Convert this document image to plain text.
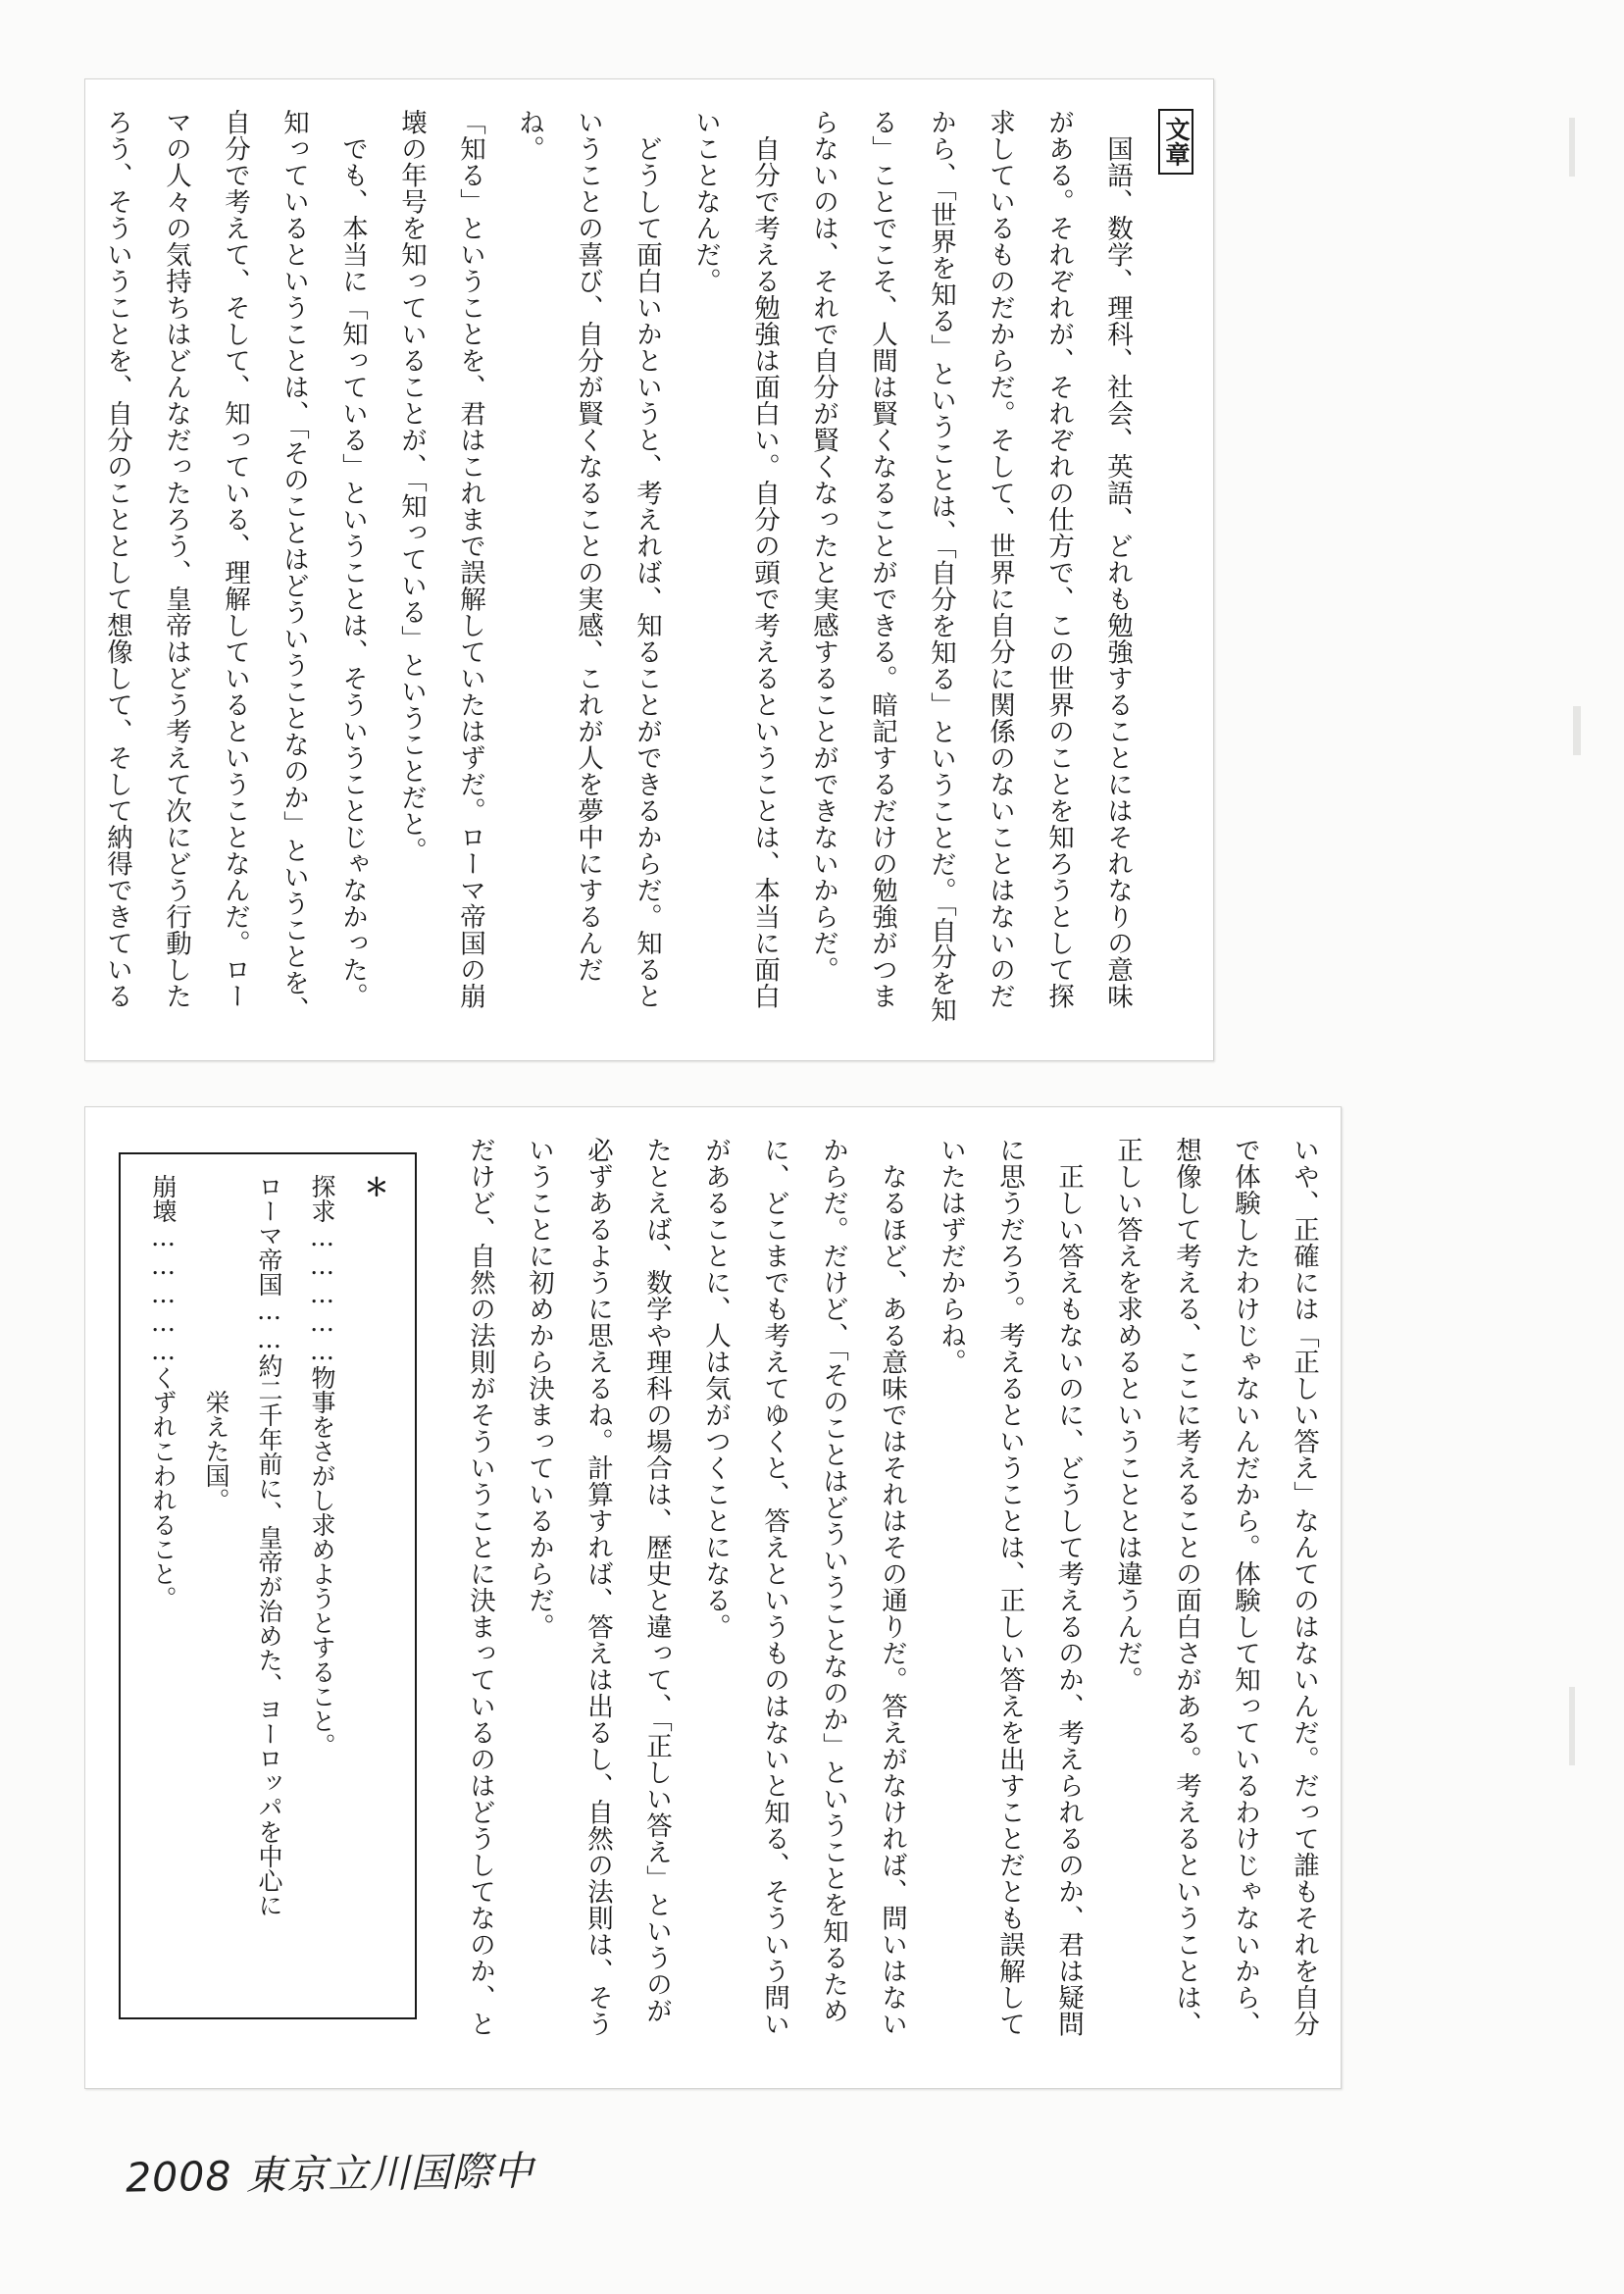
文章

国語、数学、理科、社会、英語、どれも勉強することにはそれなりの意味がある。それぞれが、それぞれの仕方で、この世界のことを知ろうとして探求しているものだからだ。そして、世界に自分に関係のないことはないのだから、「世界を知る」ということは、「自分を知る」ということだ。「自分を知る」ことでこそ、人間は賢くなることができる。暗記するだけの勉強がつまらないのは、それで自分が賢くなったと実感することができないからだ。

自分で考える勉強は面白い。自分の頭で考えるということは、本当に面白いことなんだ。

どうして面白いかというと、考えれば、知ることができるからだ。知るということの喜び、自分が賢くなることの実感、これが人を夢中にするんだね。

「知る」ということを、君はこれまで誤解していたはずだ。ローマ帝国の崩壊の年号を知っていることが、「知っている」ということだと。

でも、本当に「知っている」ということは、そういうことじゃなかった。知っているということは、「そのことはどういうことなのか」ということを、自分で考えて、そして、知っている、理解しているということなんだ。ローマの人々の気持ちはどんなだったろう、皇帝はどう考えて次にどう行動したろう、そういうことを、自分のこととして想像して、そして納得できている

いや、正確には「正しい答え」なんてのはないんだ。だって誰もそれを自分で体験したわけじゃないんだから。体験して知っているわけじゃないから、想像して考える、ここに考えることの面白さがある。考えるということは、正しい答えを求めるということとは違うんだ。

正しい答えもないのに、どうして考えるのか、考えられるのか、君は疑問に思うだろう。考えるということは、正しい答えを出すことだとも誤解していたはずだからね。

なるほど、ある意味ではそれはその通りだ。答えがなければ、問いはないからだ。だけど、「そのことはどういうことなのか」ということを知るために、どこまでも考えてゆくと、答えというものはないと知る、そういう問いがあることに、人は気がつくことになる。

たとえば、数学や理科の場合は、歴史と違って、「正しい答え」というのが必ずあるように思えるね。計算すれば、答えは出るし、自然の法則は、そういうことに初めから決まっているからだ。

だけど、自然の法則がそういうことに決まっているのはどうしてなのか、と

＊
探求……………物事をさがし求めようとすること。
ローマ帝国……約二千年前に、皇帝が治めた、ヨーロッパを中心に
栄えた国。
崩壊……………くずれこわれること。
2008 東京立川国際中
